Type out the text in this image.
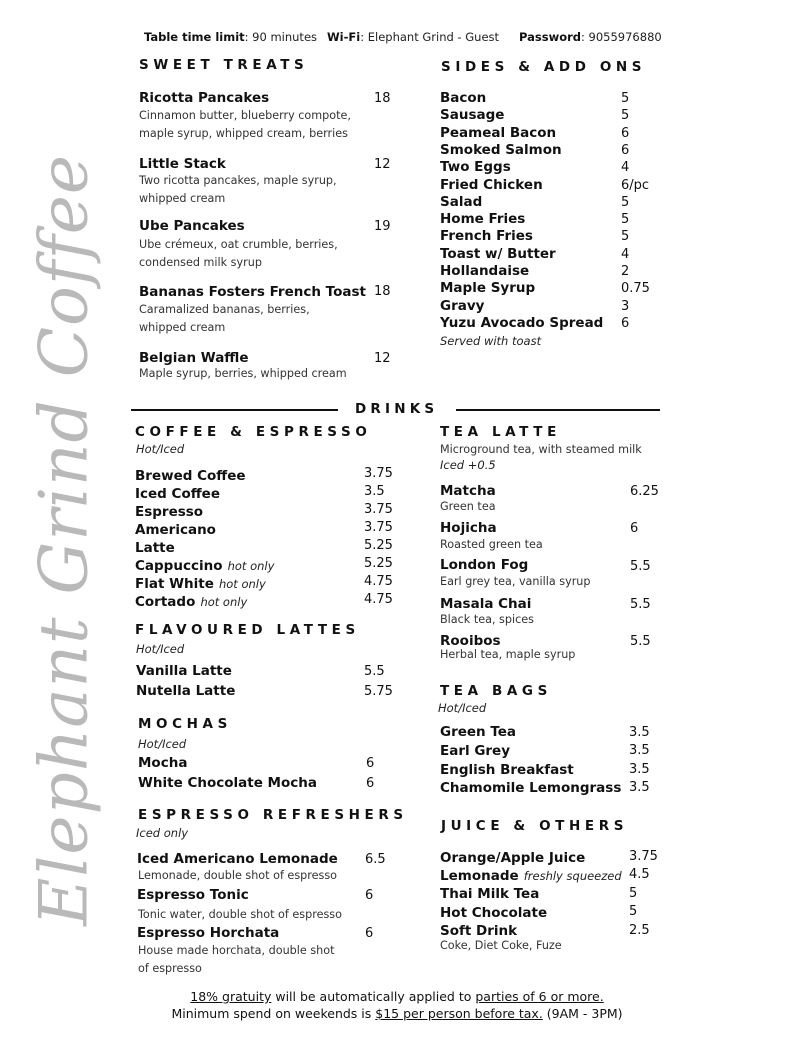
Table time limit: 90 minutes Wi-Fi: Elephant Grind - Guest Password: 9055976880
Elephant Grind Coffee
SWEET TREATS
Ricotta Pancakes	18
Cinnamon butter, blueberry compote, maple syrup, whipped cream, berries
Little Stack	12
Two ricotta pancakes, maple syrup, whipped cream
Ube Pancakes	19
Ube crémeux, oat crumble, berries, condensed milk syrup
Bananas Fosters French Toast 18
Caramalized bananas, berries, whipped cream
Belgian Waffle	12
Maple syrup, berries, whipped cream
SIDES & ADD ONS
Bacon	5
Sausage	5
Peameal Bacon	6
Smoked Salmon	6
Two Eggs	4
Fried Chicken	6/pc
Salad	5
Home Fries	5
French Fries	5
Toast w/ Butter	4
Hollandaise	2
Maple Syrup	0.75
Gravy	3
Yuzu Avocado Spread 6
Served with toast
DRINKS
COFFEE & ESPRESSO
Hot/Iced
Brewed Coffee	3.75
Iced Coffee	3.5
Espresso	3.75
Americano	3.75
Latte	5.25
Cappuccino hot only	5.25
Flat White hot only	4.75
Cortado hot only	4.75
FLAVOURED LATTES
Hot/Iced
Vanilla Latte	5.5
Nutella Latte	5.75
MOCHAS
Hot/Iced
Mocha	6
White Chocolate Mocha	6
ESPRESSO REFRESHERS
Iced only
Iced Americano Lemonade 6.5
Lemonade, double shot of espresso
Espresso Tonic	6
Tonic water, double shot of espresso
Espresso Horchata	6
House made horchata, double shot of espresso
TEA LATTE
Microground tea, with steamed milk
Iced +0.5
Matcha	6.25
Green tea
Hojicha	6
Roasted green tea
London Fog	5.5
Earl grey tea, vanilla syrup
Masala Chai	5.5
Black tea, spices
Rooibos	5.5
Herbal tea, maple syrup
TEA BAGS
Hot/Iced
Green Tea	3.5
Earl Grey	3.5
English Breakfast	3.5
Chamomile Lemongrass 3.5
JUICE & OTHERS
Orange/Apple Juice	3.75
Lemonade freshly squeezed 4.5
Thai Milk Tea	5
Hot Chocolate	5
Soft Drink	2.5
Coke, Diet Coke, Fuze
18% gratuity will be automatically applied to parties of 6 or more.
Minimum spend on weekends is $15 per person before tax. (9AM - 3PM)
